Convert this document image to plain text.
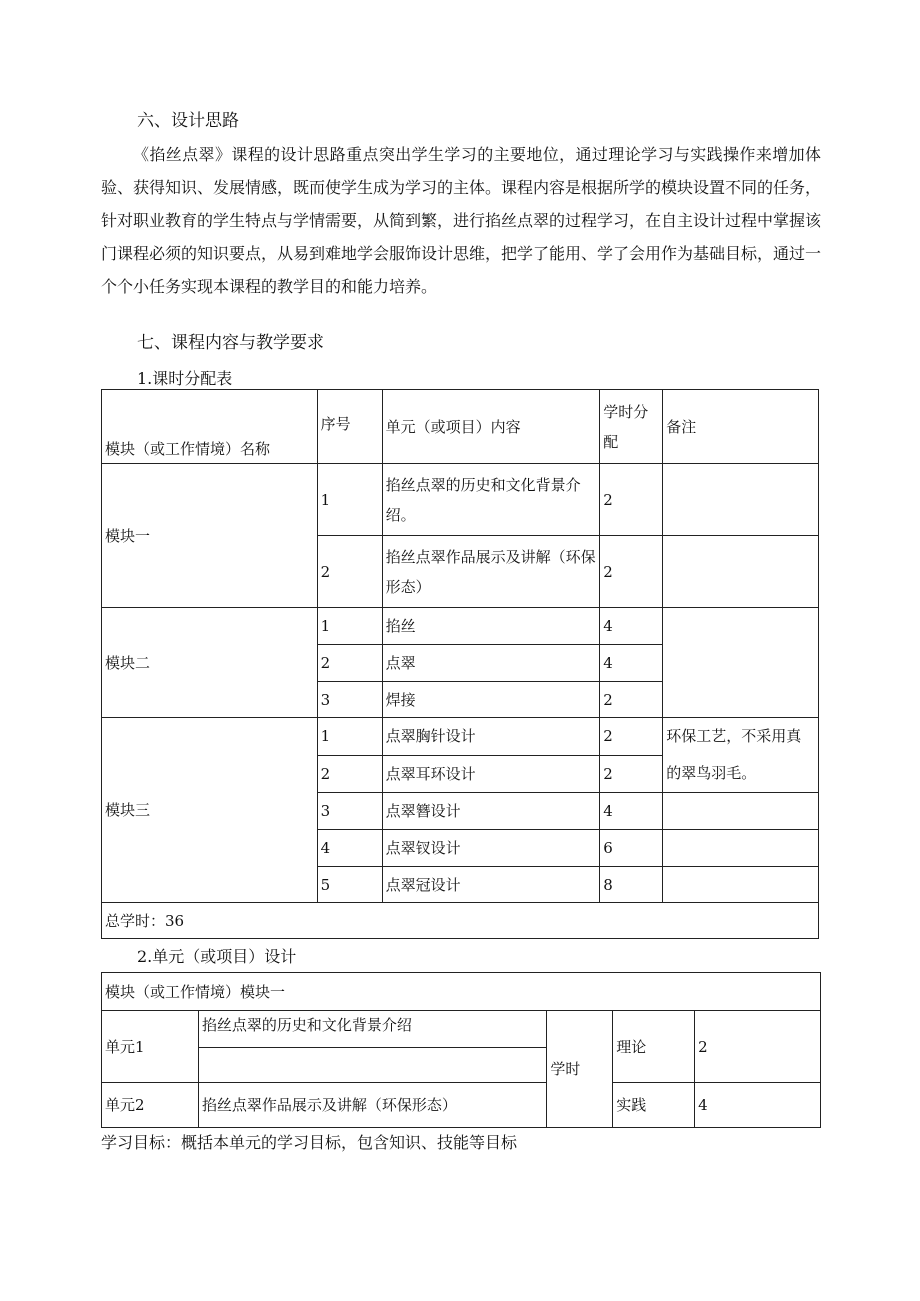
六、设计思路
《掐丝点翠》课程的设计思路重点突出学生学习的主要地位，通过理论学习与实践操作来增加体验、获得知识、发展情感，既而使学生成为学习的主体。课程内容是根据所学的模块设置不同的任务，针对职业教育的学生特点与学情需要，从简到繁，进行掐丝点翠的过程学习，在自主设计过程中掌握该门课程必须的知识要点，从易到难地学会服饰设计思维，把学了能用、学了会用作为基础目标，通过一个个小任务实现本课程的教学目的和能力培养。
七、课程内容与教学要求
1.课时分配表
模块（或工作情境）名称	序号	单元（或项目）内容	学时分配	备注
模块一	1	掐丝点翠的历史和文化背景介绍。	2	
	2	掐丝点翠作品展示及讲解（环保形态）	2	
模块二	1	掐丝	4	
	2	点翠	4	
	3	焊接	2	
模块三	1	点翠胸针设计	2	环保工艺，不采用真的翠鸟羽毛。
	2	点翠耳环设计	2	
	3	点翠簪设计	4	
	4	点翠钗设计	6	
	5	点翠冠设计	8	
总学时：36				
2.单元（或项目）设计
模块（或工作情境）模块一				
单元1	掐丝点翠的历史和文化背景介绍	学时	理论	2

单元2	掐丝点翠作品展示及讲解（环保形态）		实践	4
学习目标：概括本单元的学习目标，包含知识、技能等目标
